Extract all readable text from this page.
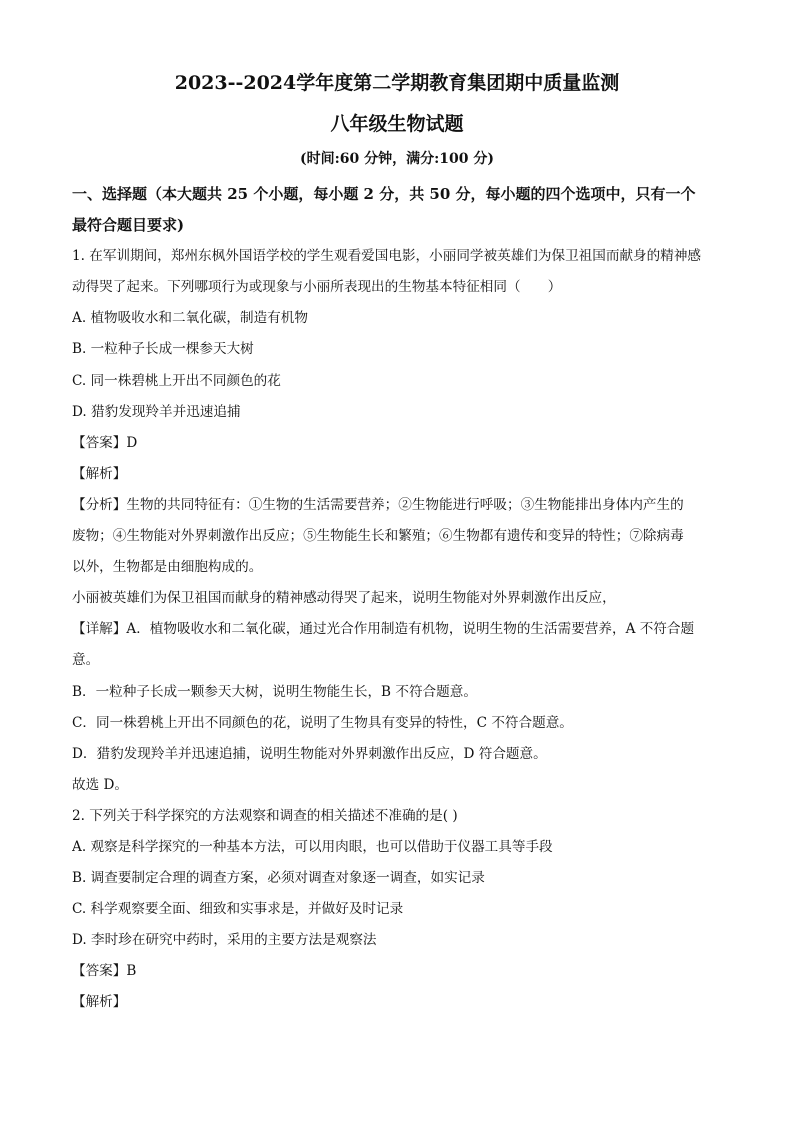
2023--2024学年度第二学期教育集团期中质量监测
八年级生物试题
(时间:60 分钟，满分:100 分)
一、选择题（本大题共 25 个小题，每小题 2 分，共 50 分，每小题的四个选项中，只有一个
最符合题目要求)
1. 在军训期间，郑州东枫外国语学校的学生观看爱国电影，小丽同学被英雄们为保卫祖国而献身的精神感
动得哭了起来。下列哪项行为或现象与小丽所表现出的生物基本特征相同（　　）
A. 植物吸收水和二氧化碳，制造有机物
B. 一粒种子长成一棵参天大树
C. 同一株碧桃上开出不同颜色的花
D. 猎豹发现羚羊并迅速追捕
【答案】D
【解析】
【分析】生物的共同特征有：①生物的生活需要营养；②生物能进行呼吸；③生物能排出身体内产生的
废物；④生物能对外界刺激作出反应；⑤生物能生长和繁殖；⑥生物都有遗传和变异的特性；⑦除病毒
以外，生物都是由细胞构成的。
小丽被英雄们为保卫祖国而献身的精神感动得哭了起来，说明生物能对外界刺激作出反应，
【详解】A．植物吸收水和二氧化碳，通过光合作用制造有机物，说明生物的生活需要营养，A 不符合题
意。
B．一粒种子长成一颗参天大树，说明生物能生长，B 不符合题意。
C．同一株碧桃上开出不同颜色的花，说明了生物具有变异的特性，C 不符合题意。
D．猎豹发现羚羊并迅速追捕，说明生物能对外界刺激作出反应，D 符合题意。
故选 D。
2. 下列关于科学探究的方法观察和调查的相关描述不准确的是( )
A. 观察是科学探究的一种基本方法，可以用肉眼，也可以借助于仪器工具等手段
B. 调查要制定合理的调查方案，必须对调查对象逐一调查，如实记录
C. 科学观察要全面、细致和实事求是，并做好及时记录
D. 李时珍在研究中药时，采用的主要方法是观察法
【答案】B
【解析】
